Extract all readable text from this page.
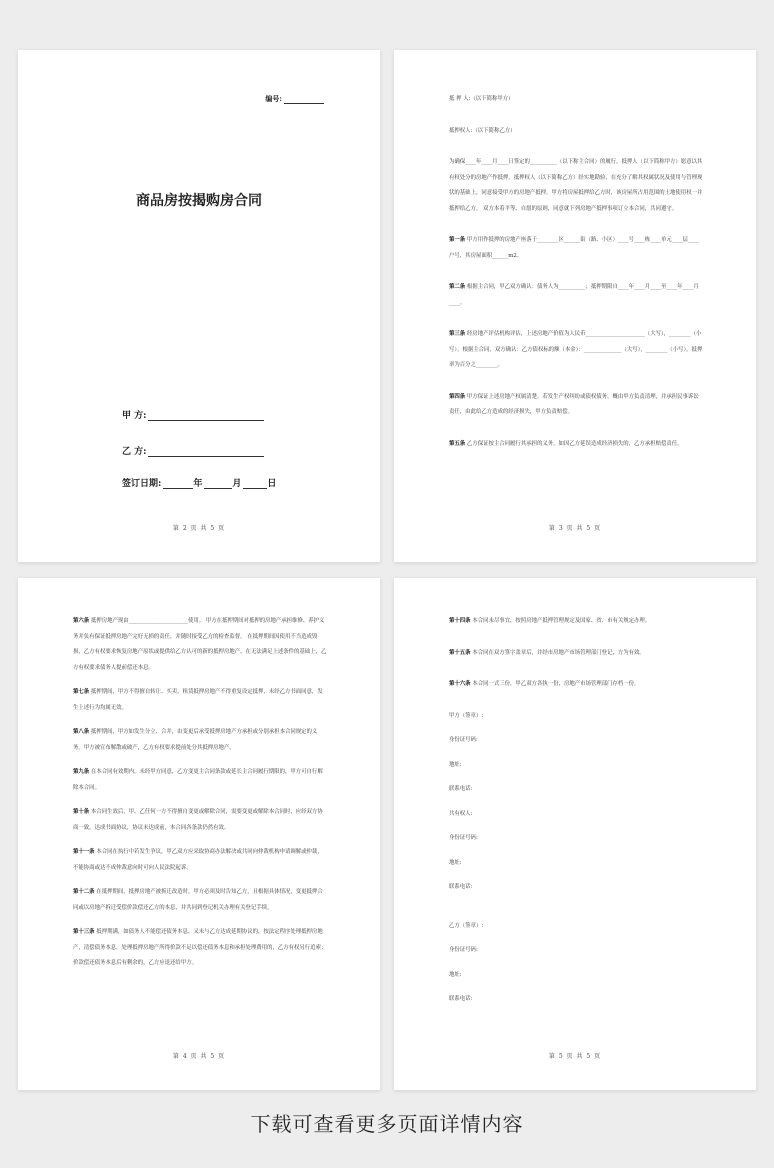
编号:
商品房按揭购房合同
甲 方:
乙 方:
签订日期:	年	月	日
第 2 页 共 5 页

抵 押 人:（以下简称甲方）

抵押权人:（以下简称乙方）

为确保____年____月____日签定的__________（以下称主合同）的履行，抵押人（以下简称甲方）愿意以其有权处分的房地产作抵押。抵押权人（以下简称乙方）经实地勘验，在充分了解其权属状况及使用与管理现状的基础上，同意接受甲方的房地产抵押。甲方将房屋抵押给乙方时，该房屋所占用范围的土地使用权一并抵押给乙方。 双方本着平等、自愿的原则，同意就下列房地产抵押事项订立本合同，共同遵守。

第一条 甲方用作抵押的房地产座落于________区______街（路、小区）____号____栋____单元____层____户号，其房屋面积______m2。

第二条 根据主合同，甲乙双方确认：债务人为__________；抵押期限自____年____月____至____年____月____。

第三条 经房地产评估机构评估，上述房地产价值为人民币______________________（大写），________（小写）。根据主合同，双方确认：乙方债权标的额（本金）：______________（大写），________（小写），抵押率为百分之________。

第四条 甲方保证上述房地产权属清楚。若发生产权纠纷或债权债务，概由甲方负责清理，并承担民事诉讼责任，由此给乙方造成的经济损失，甲方负责赔偿。

第五条 乙方保证按主合同履行其承担的义务，如因乙方延误造成经济损失的，乙方承担赔偿责任。

第 3 页 共 5 页

第六条 抵押房地产现由______________________使用。 甲方在抵押期间对抵押的房地产承担维修、养护义务并负有保证抵押房地产完好无损的责任，并随时接受乙方的检查监督。 在抵押期间因使用不当造成毁损，乙方有权要求恢复房地产原状或提供给乙方认可的新的抵押房地产，在无法满足上述条件的基础上，乙方有权要求债务人提前偿还本息。

第七条 抵押期间，甲方不得擅自转让、买卖、租赁抵押房地产不得重复设定抵押，未经乙方书面同意，发生上述行为均属无效。

第八条 抵押期间，甲方如发生分立、合并，由变更后承受抵押房地产方承担或分别承担本合同规定的义务。甲方被宣布解散或破产，乙方有权要求提前处分其抵押房地产。

第九条 在本合同有效期内，未经甲方同意，乙方变更主合同条款或延长主合同履行期限的，甲方可自行解除本合同。

第十条 本合同生效后，甲、乙任何一方不得擅自变更或解除合同，需要变更或解除本合同时，应经双方协商一致，达成书面协议，协议未达成前，本合同各条款仍然有效。

第十一条 本合同在执行中若发生争议，甲乙双方应采取协商办法解决或共同向仲裁机构申请调解或仲裁，不能协商或达不成仲裁意向时可向人民法院起诉。

第十二条 在抵押期间，抵押房地产被拆迁改造时，甲方必须及时告知乙方，且根据具体情况，变更抵押合同或以房地产拆迁受偿价款偿还乙方的本息，并共同到登记机关办理有关登记手续。

第十三条 抵押期满，如债务人不能偿还债务本息，又未与乙方达成延期协议的，按法定程序处理抵押房地产，清偿债务本息。处理抵押房地产所得价款不足以偿还债务本息和承担处理费用的，乙方有权另行追索；价款偿还债务本息后有剩余的，乙方应退还给甲方。

第 4 页 共 5 页

第十四条 本合同未尽事宜，按照房地产抵押管理规定及国家、省、市有关规定办理。

第十五条 本合同在双方签字盖章后，并经市房地产市场管理部门登记，方为有效。

第十六条 本合同一式三份，甲乙双方各执一份，房地产市场管理部门存档一份。

甲方（签章）:

身份证号码:

地址:

联系电话:

共有权人:

身份证号码:

地址:

联系电话:

乙方（签章）:

身份证号码:

地址:

联系电话:

第 5 页 共 5 页
下载可查看更多页面详情内容
